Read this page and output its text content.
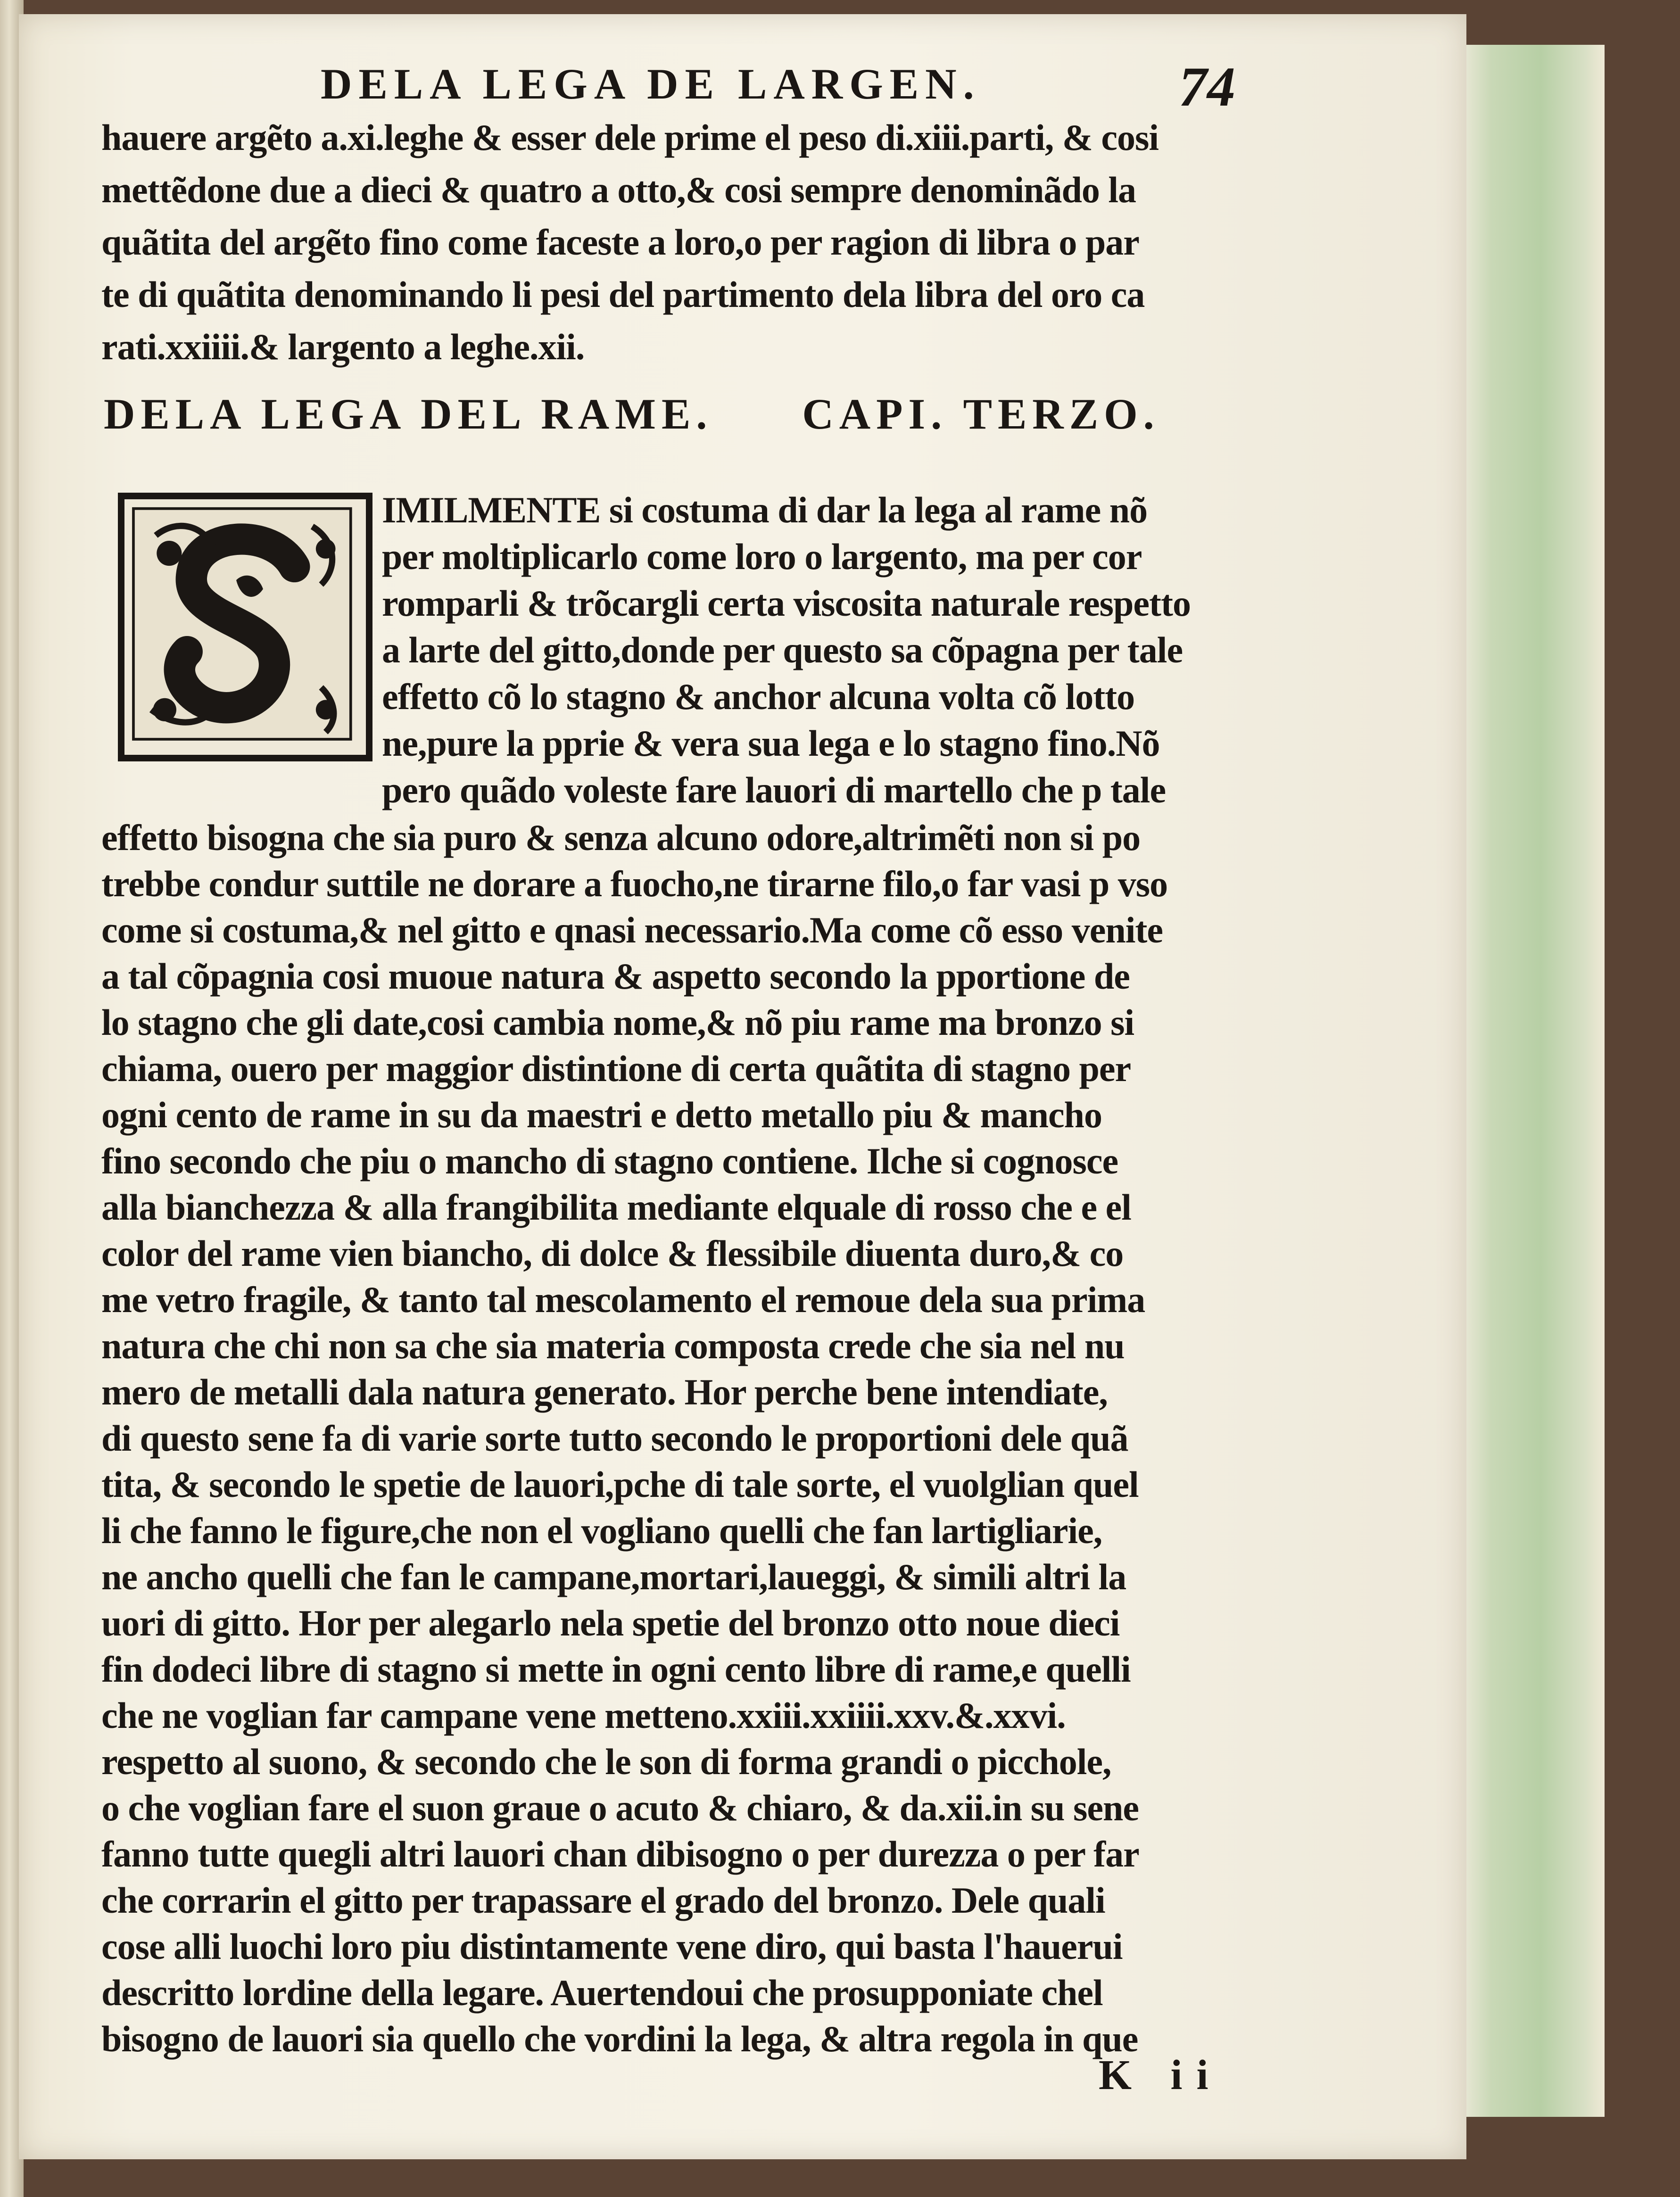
DELA LEGA DE LARGEN.	74
hauere argẽto a.xi.leghe & esser dele prime el peso di.xiii.parti, & cosi
mettẽdone due a dieci & quatro a otto,& cosi sempre denominãdo la
quãtita del argẽto fino come faceste a loro,o per ragion di libra o par
te di quãtita denominando li pesi del partimento dela libra del oro ca
rati.xxiiii.& largento a leghe.xii.
DELA LEGA DEL RAME. CAPI. TERZO.
IMILMENTE si costuma di dar la lega al rame nõ
per moltiplicarlo come loro o largento, ma per cor
romparli & trõcargli certa viscosita naturale respetto
a larte del gitto,donde per questo sa cõpagna per tale
effetto cõ lo stagno & anchor alcuna volta cõ lotto
ne,pure la pprie & vera sua lega e lo stagno fino.Nõ
pero quãdo voleste fare lauori di martello che p tale
effetto bisogna che sia puro & senza alcuno odore,altrimẽti non si po
trebbe condur suttile ne dorare a fuocho,ne tirarne filo,o far vasi p vso
come si costuma,& nel gitto e qnasi necessario.Ma come cõ esso venite
a tal cõpagnia cosi muoue natura & aspetto secondo la pportione de
lo stagno che gli date,cosi cambia nome,& nõ piu rame ma bronzo si
chiama, ouero per maggior distintione di certa quãtita di stagno per
ogni cento de rame in su da maestri e detto metallo piu & mancho
fino secondo che piu o mancho di stagno contiene. Ilche si cognosce
alla bianchezza & alla frangibilita mediante elquale di rosso che e el
color del rame vien biancho, di dolce & flessibile diuenta duro,& co
me vetro fragile, & tanto tal mescolamento el remoue dela sua prima
natura che chi non sa che sia materia composta crede che sia nel nu
mero de metalli dala natura generato. Hor perche bene intendiate,
di questo sene fa di varie sorte tutto secondo le proportioni dele quã
tita, & secondo le spetie de lauori,pche di tale sorte, el vuolglian quel
li che fanno le figure,che non el vogliano quelli che fan lartigliarie,
ne ancho quelli che fan le campane,mortari,laueggi, & simili altri la
uori di gitto. Hor per alegarlo nela spetie del bronzo otto noue dieci
fin dodeci libre di stagno si mette in ogni cento libre di rame,e quelli
che ne voglian far campane vene metteno.xxiii.xxiiii.xxv.&.xxvi.
respetto al suono, & secondo che le son di forma grandi o picchole,
o che voglian fare el suon graue o acuto & chiaro, & da.xii.in su sene
fanno tutte quegli altri lauori chan dibisogno o per durezza o per far
che corrarin el gitto per trapassare el grado del bronzo. Dele quali
cose alli luochi loro piu distintamente vene diro, qui basta l'hauerui
descritto lordine della legare. Auertendoui che prosupponiate chel
bisogno de lauori sia quello che vordini la lega, & altra regola in que
K ii
